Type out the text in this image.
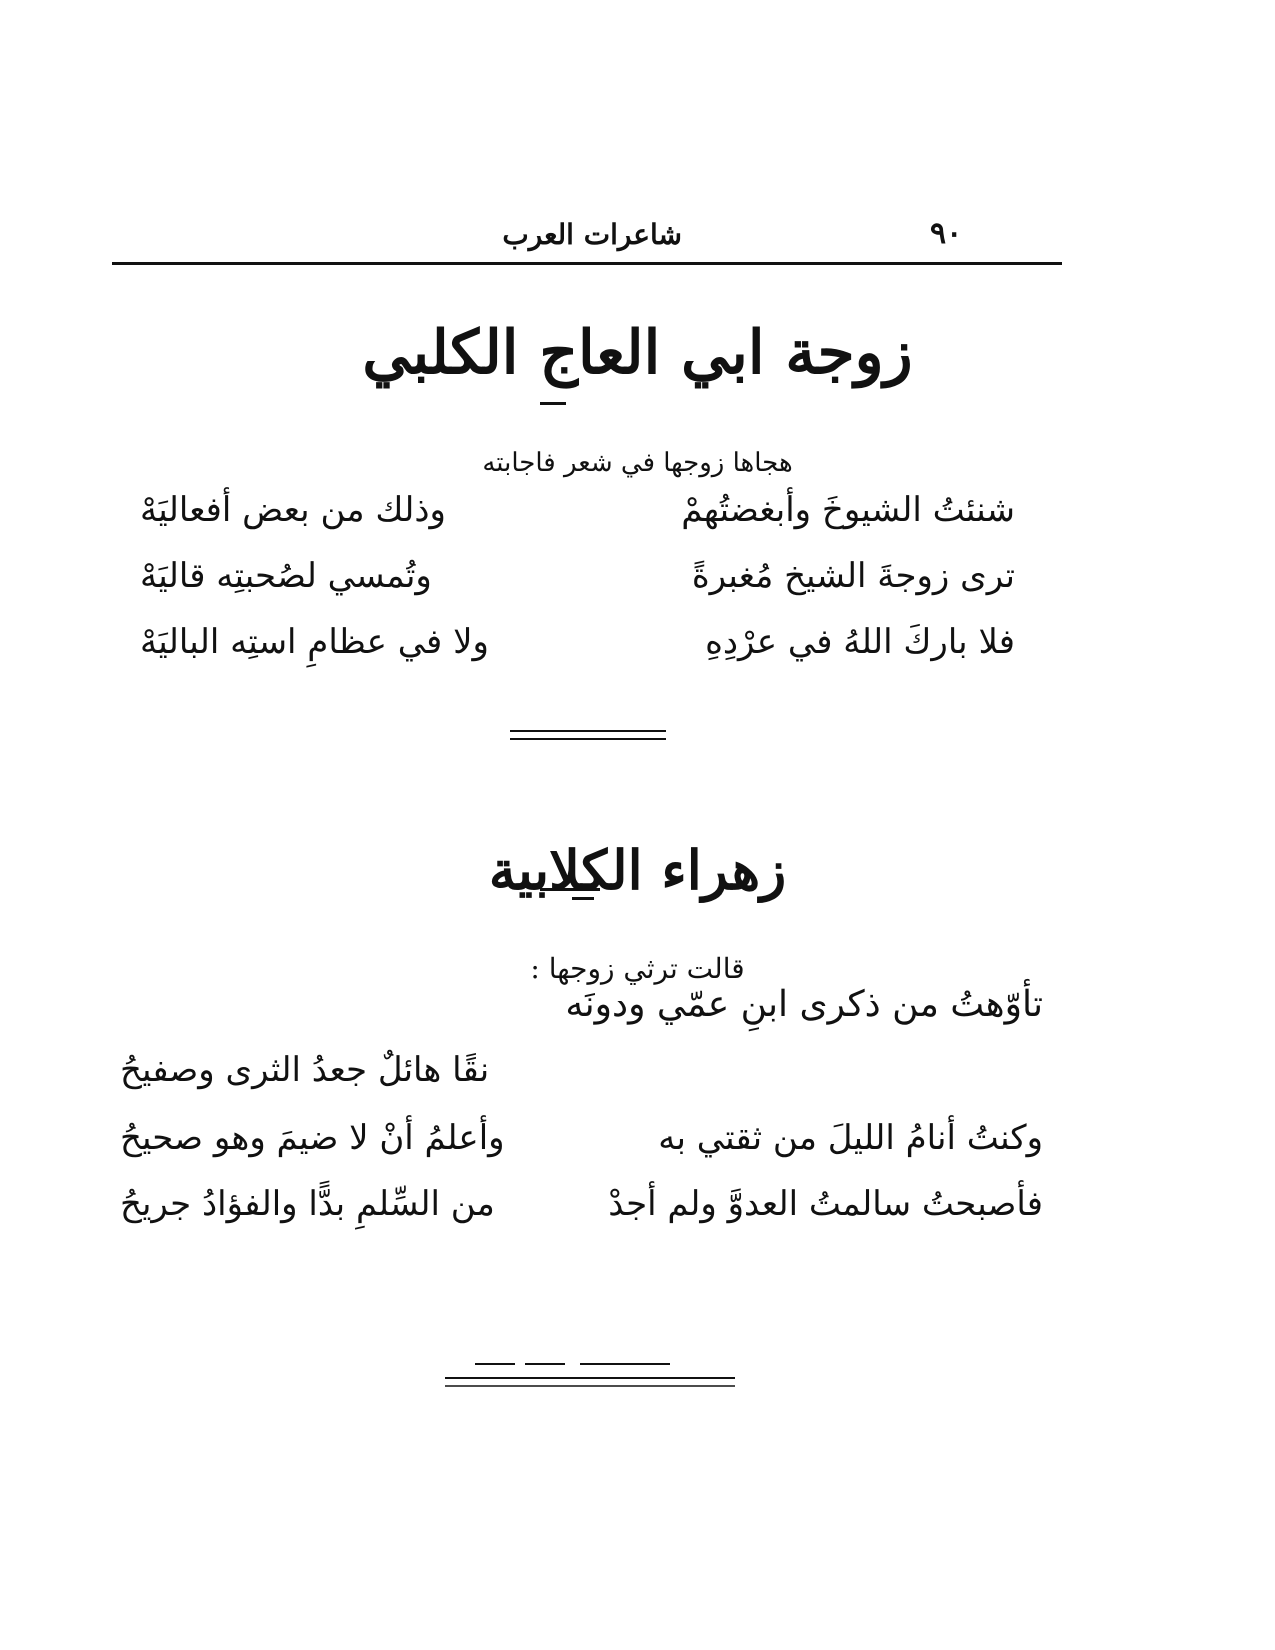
شاعرات العرب	٩٠
زوجة ابي العاج الكلبي
هجاها زوجها في شعر فاجابته
شنئتُ الشيوخَ وأبغضتُهمْ
وذلك من بعض أفعاليَهْ
ترى زوجةَ الشيخ مُغبرةً
وتُمسي لصُحبتِه قاليَهْ
فلا باركَ اللهُ في عرْدِهِ
ولا في عظامِ استِه الباليَهْ
زهراء الكلابية
قالت ترثي زوجها :
تأوّهتُ من ذكرى ابنِ عمّي ودونَه
نقًا هائلٌ جعدُ الثرى وصفيحُ
وكنتُ أنامُ الليلَ من ثقتي به
وأعلمُ أنْ لا ضيمَ وهو صحيحُ
فأصبحتُ سالمتُ العدوَّ ولم أجدْ
من السِّلمِ بدًّا والفؤادُ جريحُ
